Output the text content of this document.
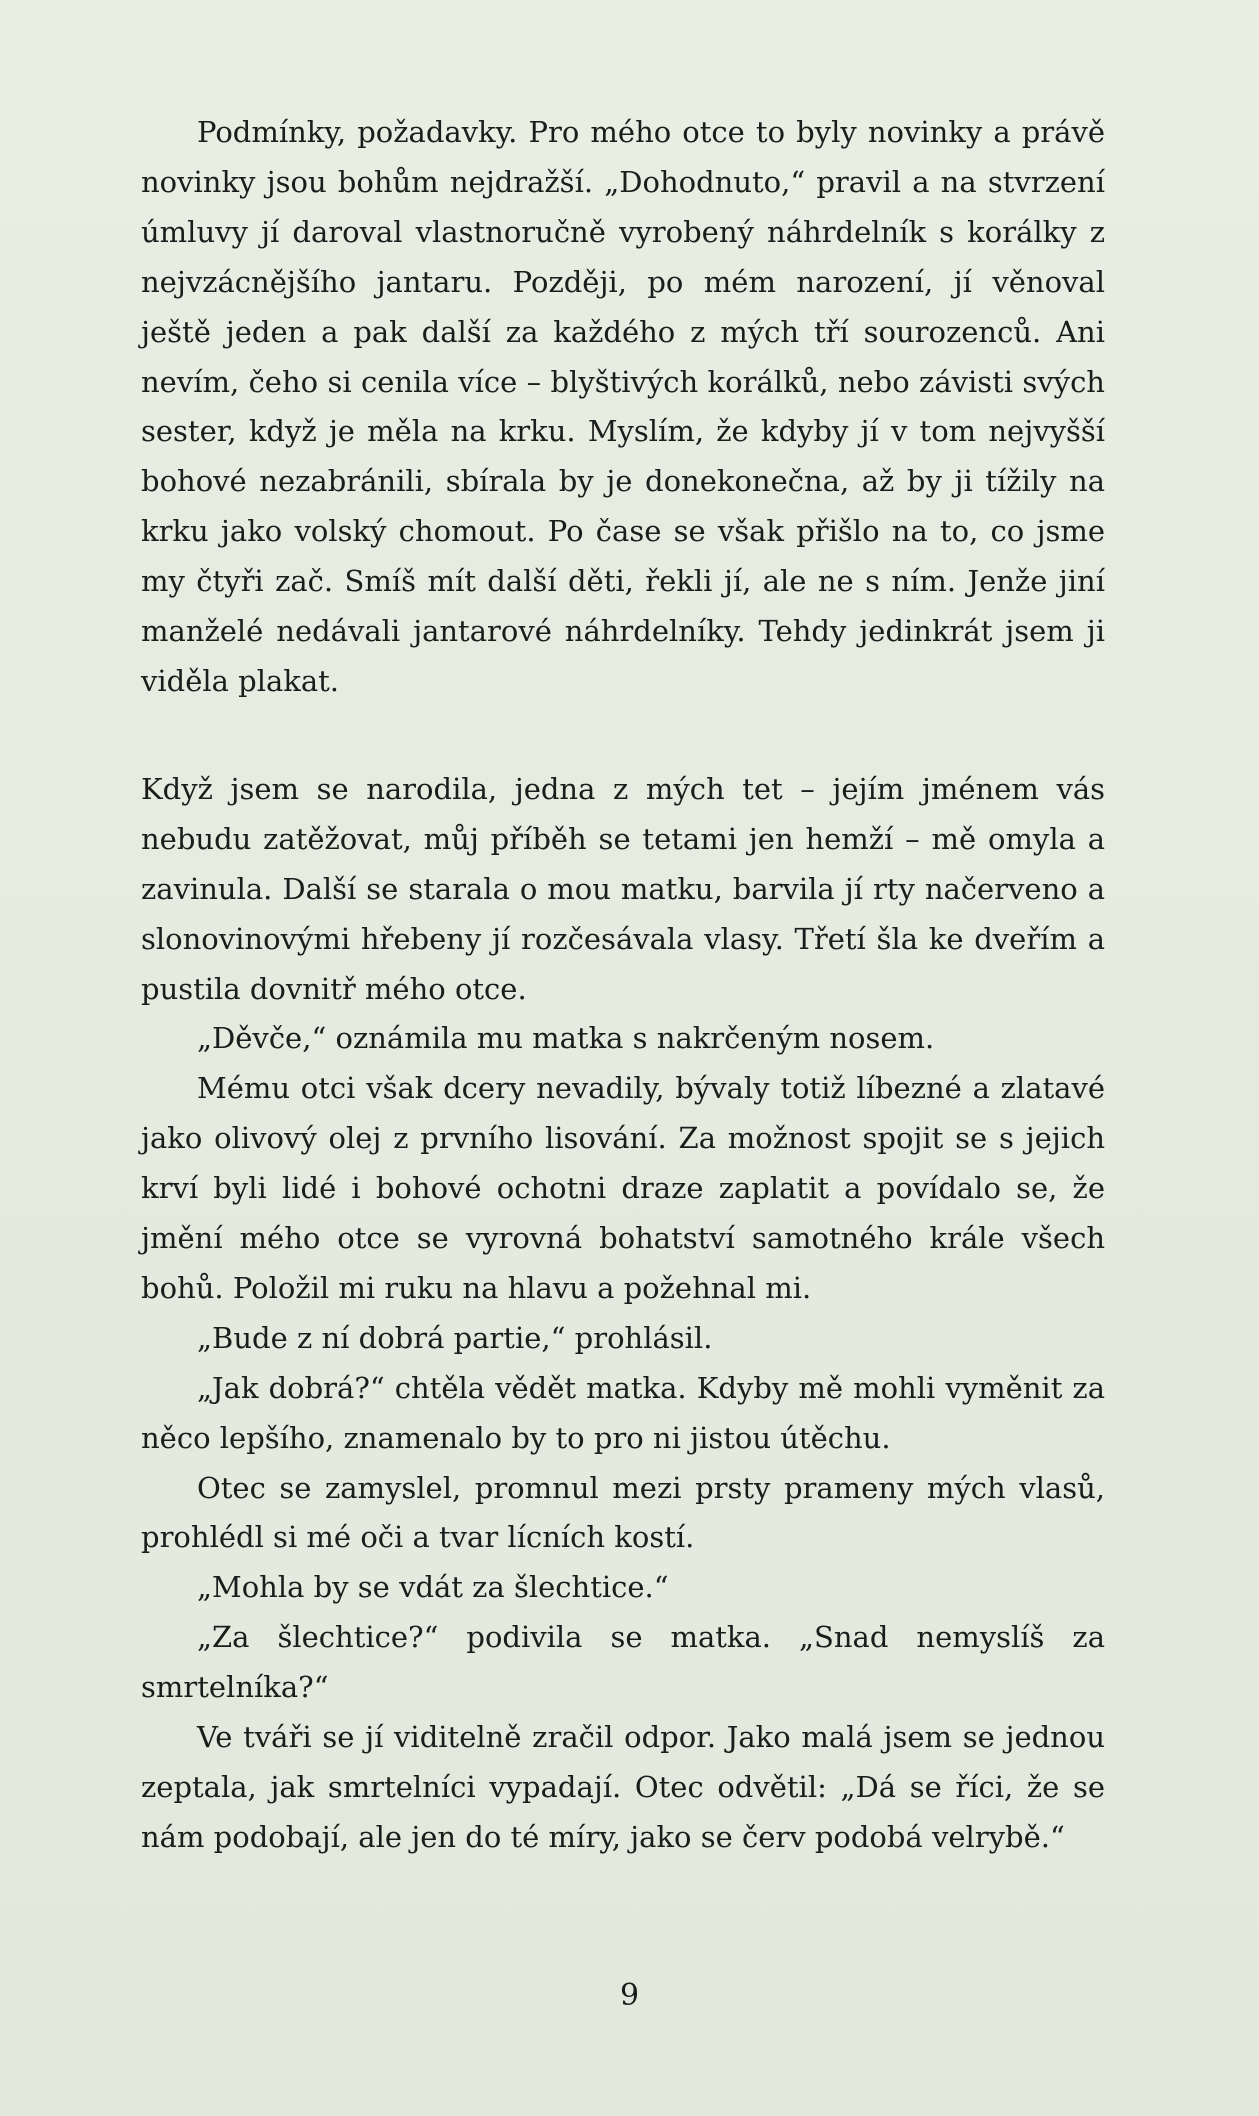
Podmínky, požadavky. Pro mého otce to byly novinky a právě novinky jsou bohům nejdražší. „Dohodnuto,“ pravil a na stvrzení úmluvy jí daroval vlastnoručně vyrobený náhrdelník s korálky z nejvzácnějšího jantaru. Později, po mém narození, jí věnoval ještě jeden a pak další za každého z mých tří sourozenců. Ani nevím, čeho si cenila více – blyštivých korálků, nebo závisti svých sester, když je měla na krku. Myslím, že kdyby jí v tom nejvyšší bohové nezabránili, sbírala by je donekonečna, až by ji tížily na krku jako volský chomout. Po čase se však přišlo na to, co jsme my čtyři zač. Smíš mít další děti, řekli jí, ale ne s ním. Jenže jiní manželé nedávali jantarové náhrdelníky. Tehdy jedinkrát jsem ji viděla plakat.

Když jsem se narodila, jedna z mých tet – jejím jménem vás nebudu zatěžovat, můj příběh se tetami jen hemží – mě omyla a zavinula. Další se starala o mou matku, barvila jí rty načerveno a slonovinovými hřebeny jí rozčesávala vlasy. Třetí šla ke dveřím a pustila dovnitř mého otce.

„Děvče,“ oznámila mu matka s nakrčeným nosem.

Mému otci však dcery nevadily, bývaly totiž líbezné a zlatavé jako olivový olej z prvního lisování. Za možnost spojit se s jejich krví byli lidé i bohové ochotni draze zaplatit a povídalo se, že jmění mého otce se vyrovná bohatství samotného krále všech bohů. Položil mi ruku na hlavu a požehnal mi.

„Bude z ní dobrá partie,“ prohlásil.

„Jak dobrá?“ chtěla vědět matka. Kdyby mě mohli vyměnit za něco lepšího, znamenalo by to pro ni jistou útěchu.

Otec se zamyslel, promnul mezi prsty prameny mých vlasů, prohlédl si mé oči a tvar lícních kostí.

„Mohla by se vdát za šlechtice.“

„Za šlechtice?“ podivila se matka. „Snad nemyslíš za smrtelníka?“

Ve tváři se jí viditelně zračil odpor. Jako malá jsem se jednou zeptala, jak smrtelníci vypadají. Otec odvětil: „Dá se říci, že se nám podobají, ale jen do té míry, jako se červ podobá velrybě.“

9
